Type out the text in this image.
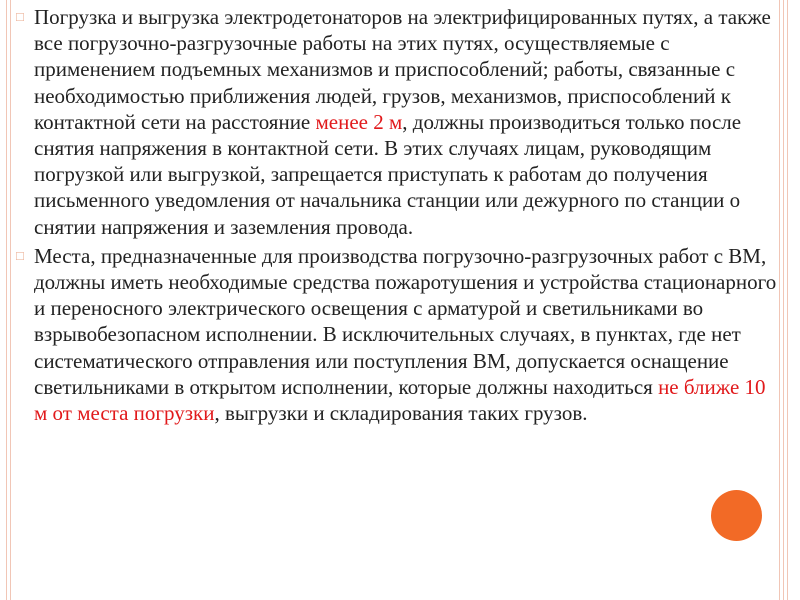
□ Погрузка и выгрузка электродетонаторов на электрифицированных путях, а также все погрузочно-разгрузочные работы на этих путях, осуществляемые с применением подъемных механизмов и приспособлений; работы, связанные с необходимостью приближения людей, грузов, механизмов, приспособлений к контактной сети на расстояние менее 2 м, должны производиться только после снятия напряжения в контактной сети. В этих случаях лицам, руководящим погрузкой или выгрузкой, запрещается приступать к работам до получения письменного уведомления от начальника станции или дежурного по станции о снятии напряжения и заземления провода.
□ Места, предназначенные для производства погрузочно-разгрузочных работ с ВМ, должны иметь необходимые средства пожаротушения и устройства стационарного и переносного электрического освещения с арматурой и светильниками во взрывобезопасном исполнении. В исключительных случаях, в пунктах, где нет систематического отправления или поступления ВМ, допускается оснащение светильниками в открытом исполнении, которые должны находиться не ближе 10 м от места погрузки, выгрузки и складирования таких грузов.
